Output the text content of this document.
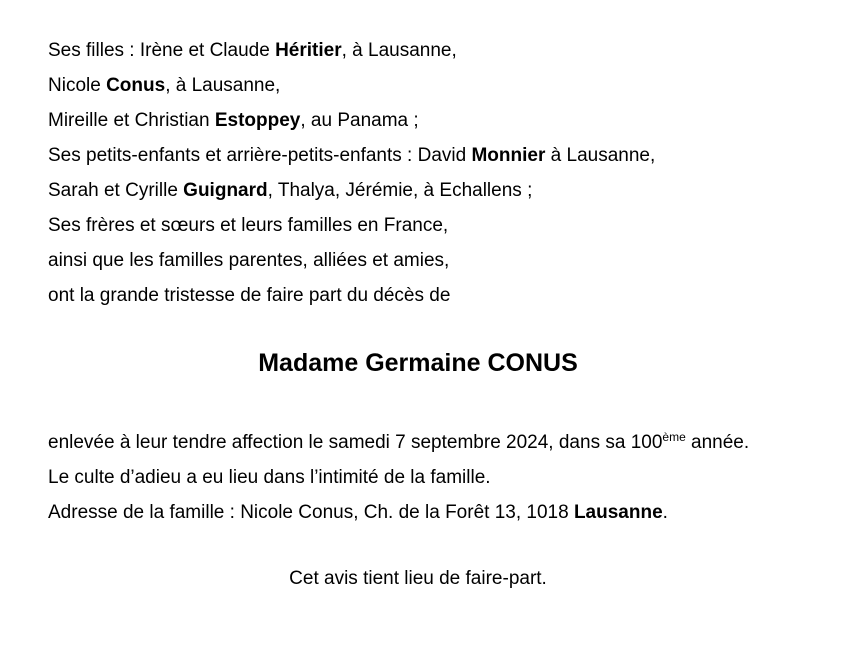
Ses filles : Irène et Claude Héritier, à Lausanne,
Nicole Conus, à Lausanne,
Mireille et Christian Estoppey, au Panama ;
Ses petits-enfants et arrière-petits-enfants : David Monnier à Lausanne,
Sarah et Cyrille Guignard, Thalya, Jérémie, à Echallens ;
Ses frères et sœurs et leurs familles en France,
ainsi que les familles parentes, alliées et amies,
ont la grande tristesse de faire part du décès de
Madame Germaine CONUS
enlevée à leur tendre affection le samedi 7 septembre 2024, dans sa 100ème année.
Le culte d’adieu a eu lieu dans l’intimité de la famille.
Adresse de la famille : Nicole Conus, Ch. de la Forêt 13, 1018 Lausanne.
Cet avis tient lieu de faire-part.
